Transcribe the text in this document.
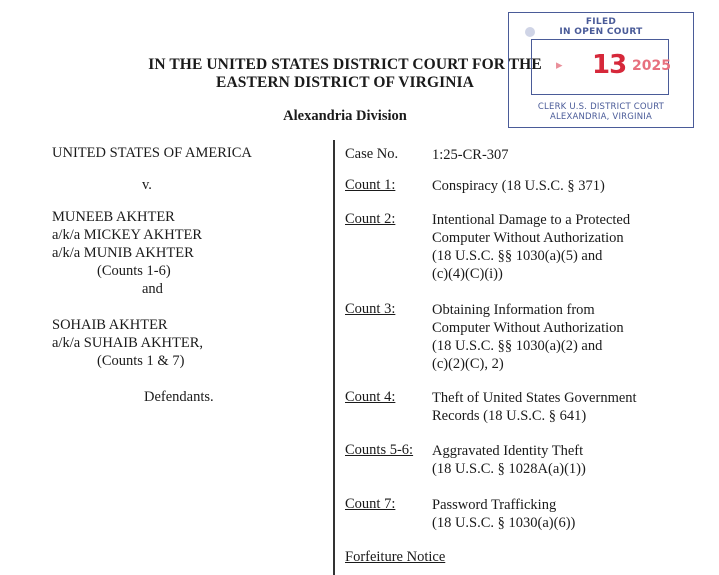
IN THE UNITED STATES DISTRICT COURT FOR THE
EASTERN DISTRICT OF VIRGINIA
Alexandria Division
FILED
IN OPEN COURT
▸	13 2025
CLERK U.S. DISTRICT COURT
ALEXANDRIA, VIRGINIA
UNITED STATES OF AMERICA
v.
MUNEEB AKHTER
a/k/a MICKEY AKHTER
a/k/a MUNIB AKHTER
(Counts 1-6)
and
SOHAIB AKHTER
a/k/a SUHAIB AKHTER,
(Counts 1 & 7)
Defendants.
Case No. 1:25-CR-307
Count 1:	Conspiracy (18 U.S.C. § 371)
Count 2:	Intentional Damage to a Protected
Computer Without Authorization
(18 U.S.C. §§ 1030(a)(5) and
(c)(4)(C)(i))
Count 3:	Obtaining Information from
Computer Without Authorization
(18 U.S.C. §§ 1030(a)(2) and
(c)(2)(C), 2)
Count 4:	Theft of United States Government
Records (18 U.S.C. § 641)
Counts 5-6: Aggravated Identity Theft
(18 U.S.C. § 1028A(a)(1))
Count 7:	Password Trafficking
(18 U.S.C. § 1030(a)(6))
Forfeiture Notice
